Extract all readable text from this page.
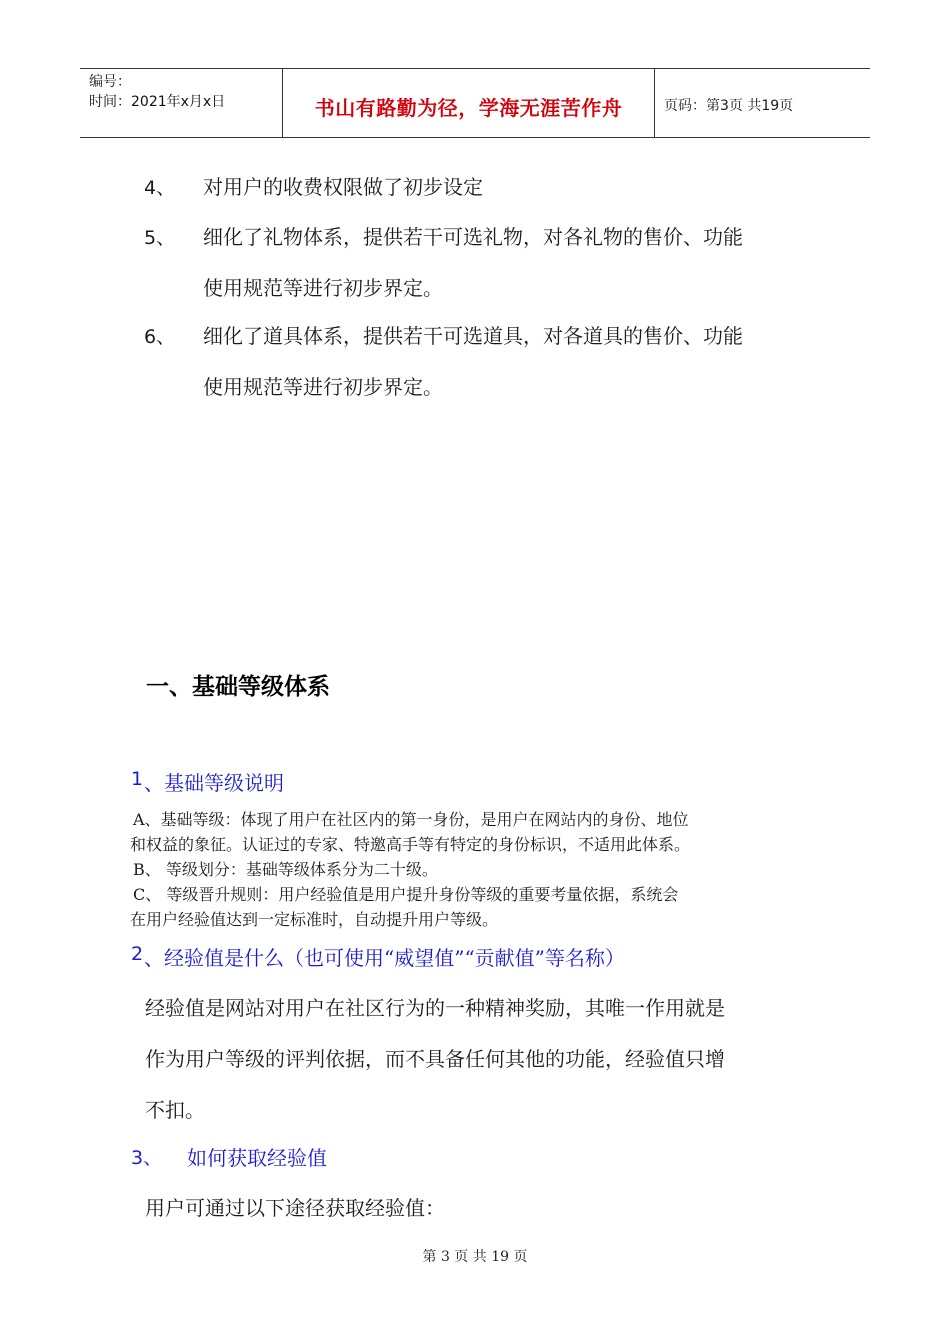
编号：
时间：2021年x月x日	书山有路勤为径，学海无涯苦作舟	页码：第3页 共19页
4、 对用户的收费权限做了初步设定
5、 细化了礼物体系，提供若干可选礼物，对各礼物的售价、功能
使用规范等进行初步界定。
6、 细化了道具体系，提供若干可选道具，对各道具的售价、功能
使用规范等进行初步界定。
一、基础等级体系
1 、基础等级说明
A、基础等级：体现了用户在社区内的第一身份，是用户在网站内的身份、地位
和权益的象征。认证过的专家、特邀高手等有特定的身份标识，不适用此体系。
B、 等级划分：基础等级体系分为二十级。
C、 等级晋升规则：用户经验值是用户提升身份等级的重要考量依据，系统会
在用户经验值达到一定标准时，自动提升用户等级。
2 、经验值是什么（也可使用“威望值”“贡献值”等名称）
经验值是网站对用户在社区行为的一种精神奖励，其唯一作用就是
作为用户等级的评判依据，而不具备任何其他的功能，经验值只增
不扣。
3、 如何获取经验值
用户可通过以下途径获取经验值：
第 3 页 共 19 页
